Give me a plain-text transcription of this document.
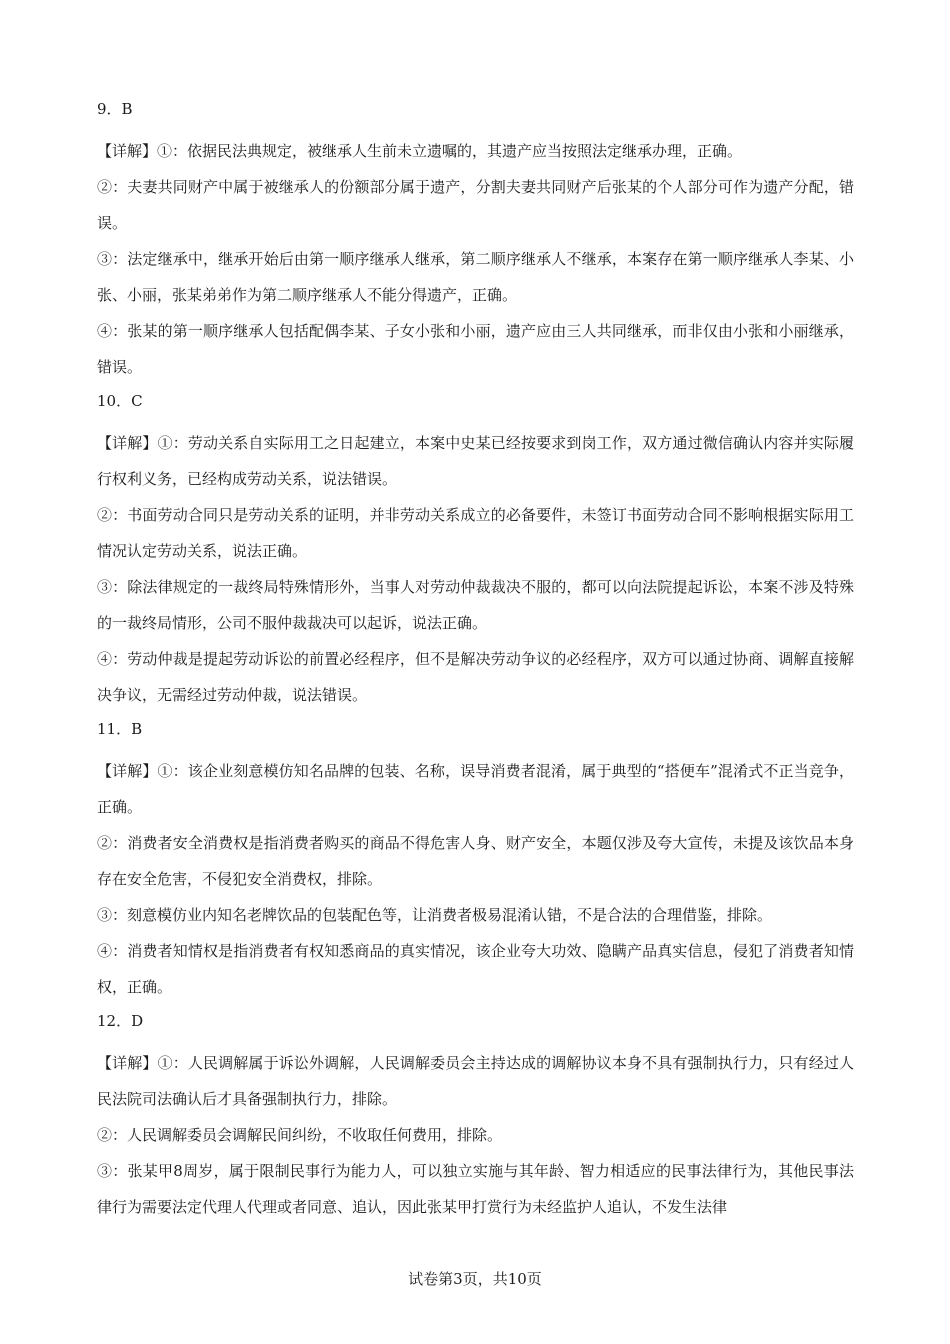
9．B

【详解】①：依据民法典规定，被继承人生前未立遗嘱的，其遗产应当按照法定继承办理，正确。

②：夫妻共同财产中属于被继承人的份额部分属于遗产，分割夫妻共同财产后张某的个人部分可作为遗产分配，错误。

③：法定继承中，继承开始后由第一顺序继承人继承，第二顺序继承人不继承，本案存在第一顺序继承人李某、小张、小丽，张某弟弟作为第二顺序继承人不能分得遗产，正确。

④：张某的第一顺序继承人包括配偶李某、子女小张和小丽，遗产应由三人共同继承，而非仅由小张和小丽继承，错误。

10．C

【详解】①：劳动关系自实际用工之日起建立，本案中史某已经按要求到岗工作，双方通过微信确认内容并实际履行权利义务，已经构成劳动关系，说法错误。

②：书面劳动合同只是劳动关系的证明，并非劳动关系成立的必备要件，未签订书面劳动合同不影响根据实际用工情况认定劳动关系，说法正确。

③：除法律规定的一裁终局特殊情形外，当事人对劳动仲裁裁决不服的，都可以向法院提起诉讼，本案不涉及特殊的一裁终局情形，公司不服仲裁裁决可以起诉，说法正确。

④：劳动仲裁是提起劳动诉讼的前置必经程序，但不是解决劳动争议的必经程序，双方可以通过协商、调解直接解决争议，无需经过劳动仲裁，说法错误。

11．B

【详解】①：该企业刻意模仿知名品牌的包装、名称，误导消费者混淆，属于典型的“搭便车”混淆式不正当竞争，正确。

②：消费者安全消费权是指消费者购买的商品不得危害人身、财产安全，本题仅涉及夸大宣传，未提及该饮品本身存在安全危害，不侵犯安全消费权，排除。

③：刻意模仿业内知名老牌饮品的包装配色等，让消费者极易混淆认错，不是合法的合理借鉴，排除。

④：消费者知情权是指消费者有权知悉商品的真实情况，该企业夸大功效、隐瞒产品真实信息，侵犯了消费者知情权，正确。

12．D

【详解】①：人民调解属于诉讼外调解，人民调解委员会主持达成的调解协议本身不具有强制执行力，只有经过人民法院司法确认后才具备强制执行力，排除。

②：人民调解委员会调解民间纠纷，不收取任何费用，排除。

③：张某甲8周岁，属于限制民事行为能力人，可以独立实施与其年龄、智力相适应的民事法律行为，其他民事法律行为需要法定代理人代理或者同意、追认，因此张某甲打赏行为未经监护人追认，不发生法律

试卷第3页，共10页
